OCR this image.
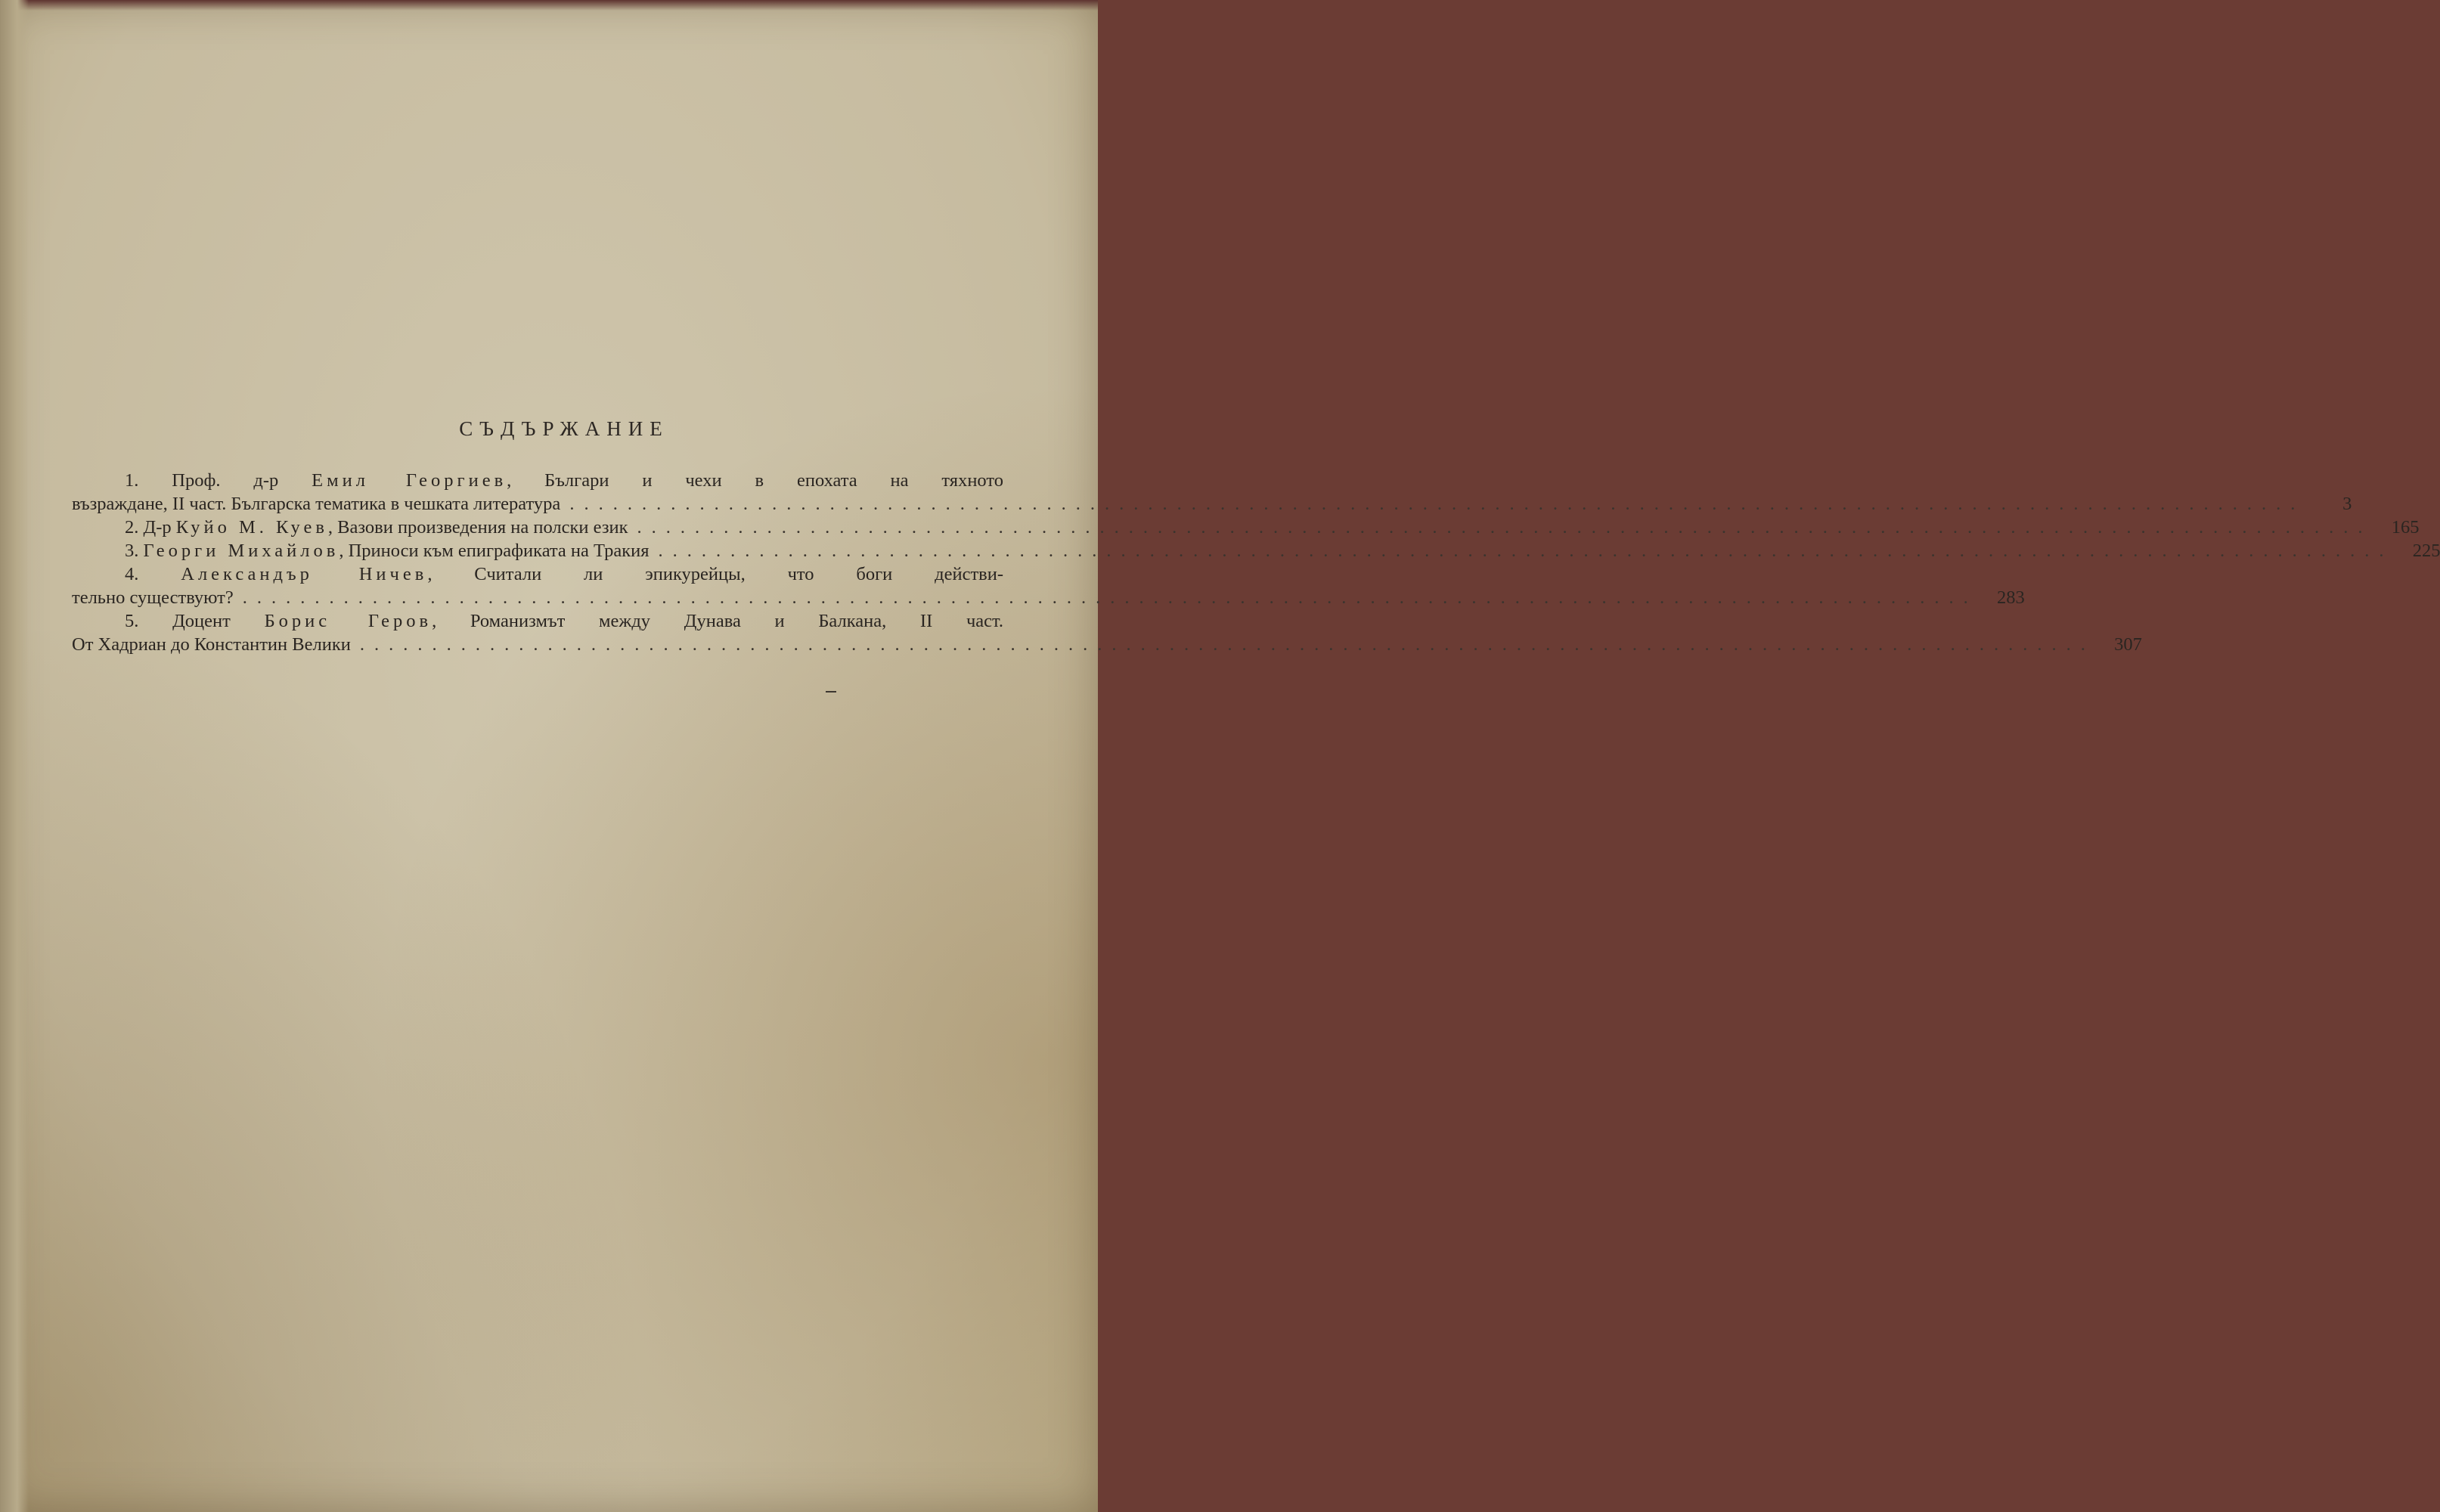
СЪДЪРЖАНИЕ
1. Проф. д-р Емил Георгиев, Българи и чехи в епохата на тяхното
възраждане, II част. Българска тематика в чешката литература ........................................................................................................................	3
2. Д-р Куйо М. Куев, Вазови произведения на полски език ........................................................................................................................	165
3. Георги Михайлов, Приноси към епиграфиката на Тракия ........................................................................................................................	225
4. Александър Ничев, Считали ли эпикурейцы, что боги действи-
тельно существуют? ........................................................................................................................	283
5. Доцент Борис Геров, Романизмът между Дунава и Балкана, II част.
От Хадриан до Константин Велики ........................................................................................................................	307
